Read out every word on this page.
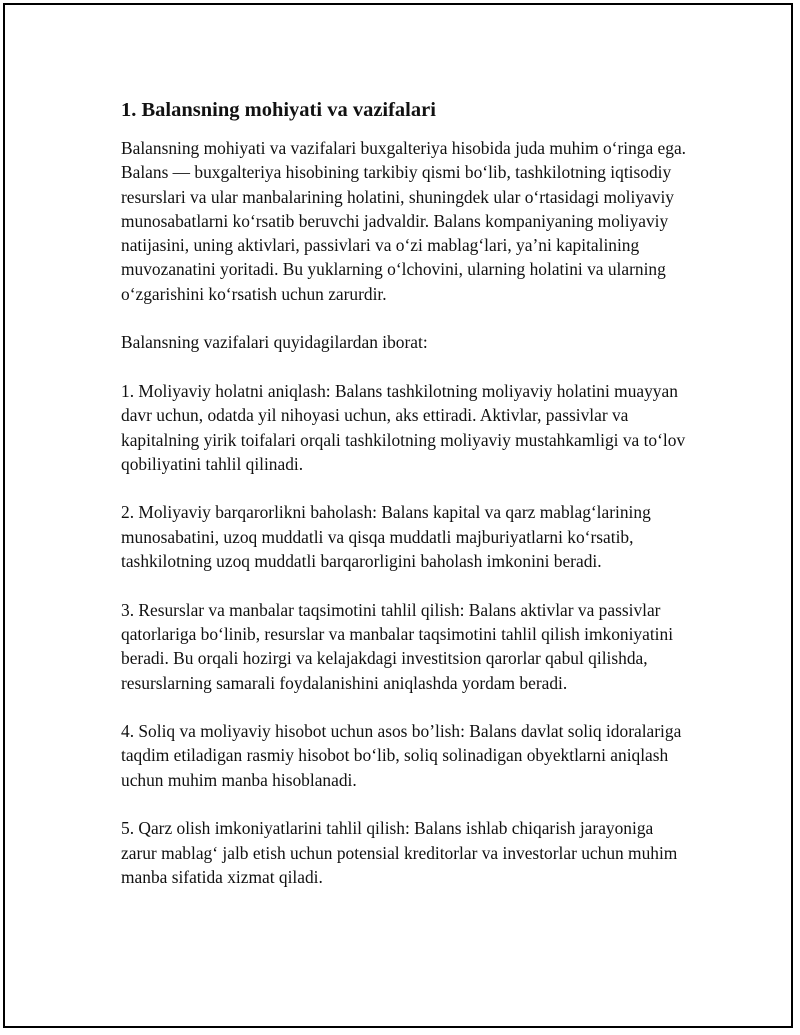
1. Balansning mohiyati va vazifalari

Balansning mohiyati va vazifalari buxgalteriya hisobida juda muhim o‘ringa ega. Balans — buxgalteriya hisobining tarkibiy qismi bo‘lib, tashkilotning iqtisodiy resurslari va ular manbalarining holatini, shuningdek ular o‘rtasidagi moliyaviy munosabatlarni ko‘rsatib beruvchi jadvaldir. Balans kompaniyaning moliyaviy natijasini, uning aktivlari, passivlari va o‘zi mablag‘lari, ya’ni kapitalining muvozanatini yoritadi. Bu yuklarning o‘lchovini, ularning holatini va ularning o‘zgarishini ko‘rsatish uchun zarurdir.

Balansning vazifalari quyidagilardan iborat:

1. Moliyaviy holatni aniqlash: Balans tashkilotning moliyaviy holatini muayyan davr uchun, odatda yil nihoyasi uchun, aks ettiradi. Aktivlar, passivlar va kapitalning yirik toifalari orqali tashkilotning moliyaviy mustahkamligi va to‘lov qobiliyatini tahlil qilinadi.

2. Moliyaviy barqarorlikni baholash: Balans kapital va qarz mablag‘larining munosabatini, uzoq muddatli va qisqa muddatli majburiyatlarni ko‘rsatib, tashkilotning uzoq muddatli barqarorligini baholash imkonini beradi.

3. Resurslar va manbalar taqsimotini tahlil qilish: Balans aktivlar va passivlar qatorlariga bo‘linib, resurslar va manbalar taqsimotini tahlil qilish imkoniyatini beradi. Bu orqali hozirgi va kelajakdagi investitsion qarorlar qabul qilishda, resurslarning samarali foydalanishini aniqlashda yordam beradi.

4. Soliq va moliyaviy hisobot uchun asos bo’lish: Balans davlat soliq idoralariga taqdim etiladigan rasmiy hisobot bo‘lib, soliq solinadigan obyektlarni aniqlash uchun muhim manba hisoblanadi.

5. Qarz olish imkoniyatlarini tahlil qilish: Balans ishlab chiqarish jarayoniga zarur mablag‘ jalb etish uchun potensial kreditorlar va investorlar uchun muhim manba sifatida xizmat qiladi.
